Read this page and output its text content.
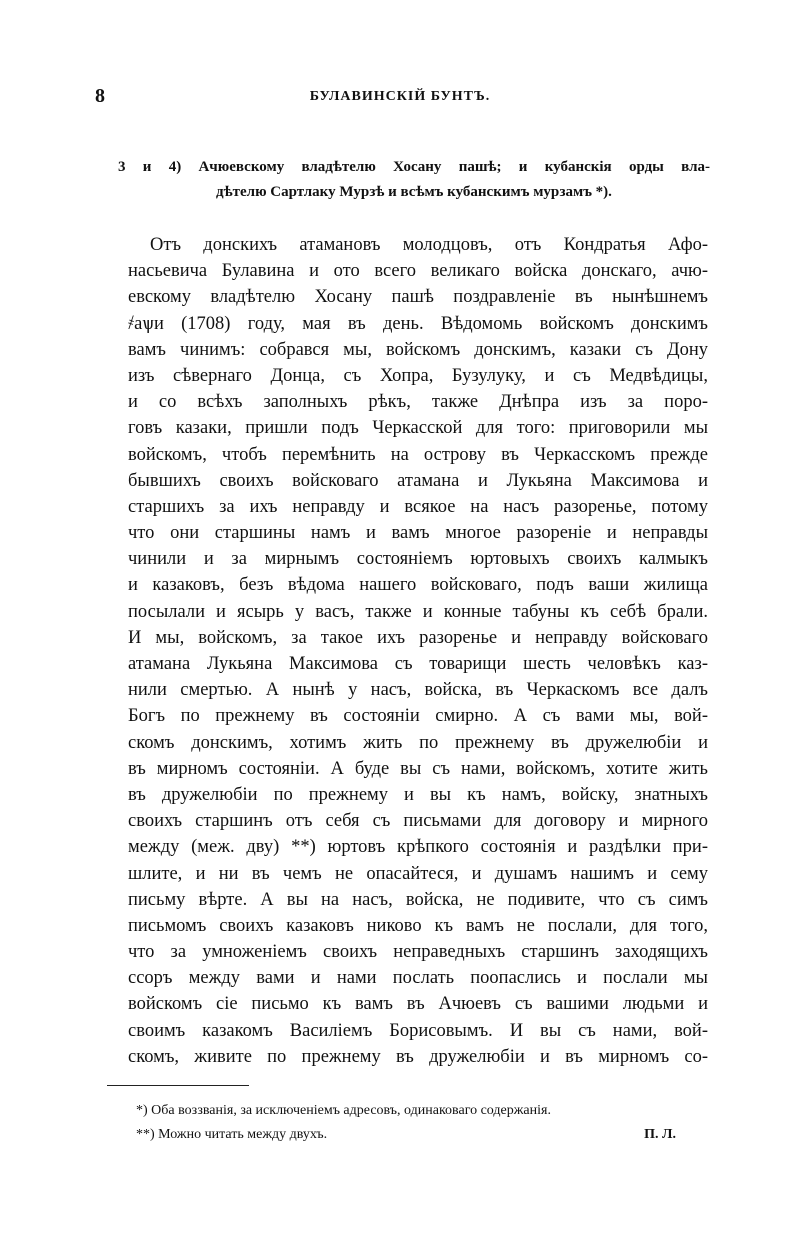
8	БУЛАВИНСКІЙ БУНТЪ.
3 и 4) Ачюевскому владѣтелю Хосану пашѣ; и кубанскія орды вла-
дѣтелю Сартлаку Мурзѣ и всѣмъ кубанскимъ мурзамъ *).
Отъ донскихъ атамановъ молодцовъ, отъ Кондратья Афо-
насьевича Булавина и ото всего великаго войска донскаго, ачю-
евскому владѣтелю Хосану пашѣ поздравленіе въ нынѣшнемъ
҂аѱи (1708) году, мая въ день. Вѣдомомь войскомъ донскимъ
вамъ чинимъ: собрався мы, войскомъ донскимъ, казаки съ Дону
изъ сѣвернаго Донца, съ Хопра, Бузулуку, и съ Медвѣдицы,
и со всѣхъ заполныхъ рѣкъ, также Днѣпра изъ за поро-
говъ казаки, пришли подъ Черкасской для того: приговорили мы
войскомъ, чтобъ перемѣнить на острову въ Черкасскомъ прежде
бывшихъ своихъ войсковаго атамана и Лукьяна Максимова и
старшихъ за ихъ неправду и всякое на насъ разоренье, потому
что они старшины намъ и вамъ многое разореніе и неправды
чинили и за мирнымъ состояніемъ юртовыхъ своихъ калмыкъ
и казаковъ, безъ вѣдома нашего войсковаго, подъ ваши жилища
посылали и ясырь у васъ, также и конные табуны къ себѣ брали.
И мы, войскомъ, за такое ихъ разоренье и неправду войсковаго
атамана Лукьяна Максимова съ товарищи шесть человѣкъ каз-
нили смертью. А нынѣ у насъ, войска, въ Черкаскомъ все далъ
Богъ по прежнему въ состояніи смирно. А съ вами мы, вой-
скомъ донскимъ, хотимъ жить по прежнему въ дружелюбіи и
въ мирномъ состояніи. А буде вы съ нами, войскомъ, хотите жить
въ дружелюбіи по прежнему и вы къ намъ, войску, знатныхъ
своихъ старшинъ отъ себя съ письмами для договору и мирного
между (меж. дву) **) юртовъ крѣпкого состоянія и раздѣлки при-
шлите, и ни въ чемъ не опасайтеся, и душамъ нашимъ и сему
письму вѣрте. А вы на насъ, войска, не подивите, что съ симъ
письмомъ своихъ казаковъ никово къ вамъ не послали, для того,
что за умноженіемъ своихъ неправедныхъ старшинъ заходящихъ
ссоръ между вами и нами послать поопаслись и послали мы
войскомъ сіе письмо къ вамъ въ Ачюевъ съ вашими людьми и
своимъ казакомъ Василіемъ Борисовымъ. И вы съ нами, вой-
скомъ, живите по прежнему въ дружелюбіи и въ мирномъ со-
*) Оба воззванія, за исключеніемъ адресовъ, одинаковаго содержанія.
**) Можно читать между двухъ.	П. Л.
